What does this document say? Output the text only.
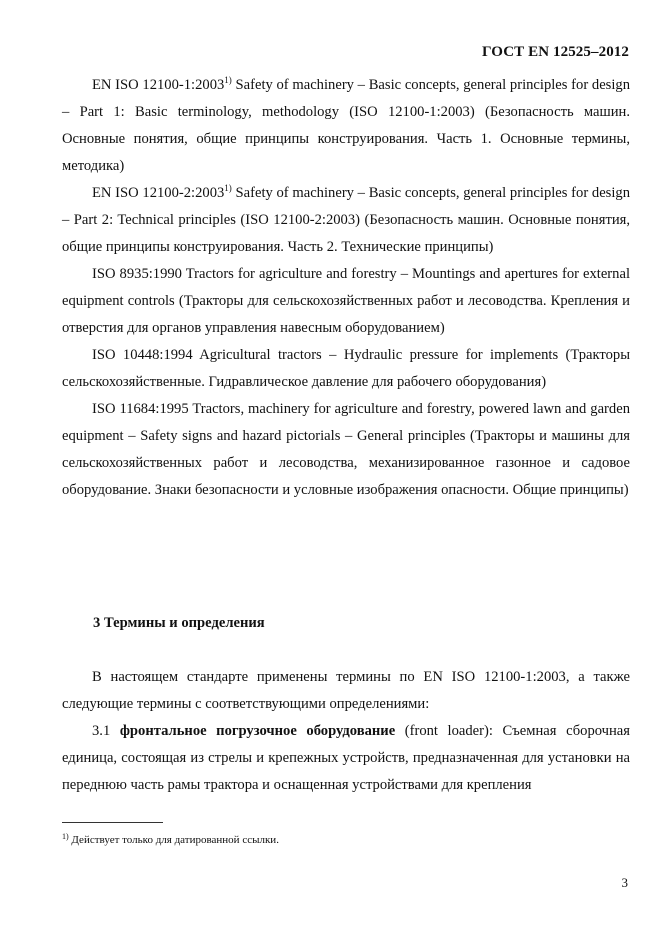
ГОСТ EN 12525–2012

EN ISO 12100-1:2003$^{1)}$ Safety of machinery – Basic concepts, general principles for design – Part 1: Basic terminology, methodology (ISO 12100-1:2003) (Безопасность машин. Основные понятия, общие принципы конструирования. Часть 1. Основные термины, методика)

EN ISO 12100-2:2003$^{1)}$ Safety of machinery – Basic concepts, general principles for design – Part 2: Technical principles (ISO 12100-2:2003) (Безопасность машин. Основные понятия, общие принципы конструирования. Часть 2. Технические принципы)

ISO 8935:1990 Tractors for agriculture and forestry – Mountings and apertures for external equipment controls (Тракторы для сельскохозяйственных работ и лесоводства. Крепления и отверстия для органов управления навесным оборудованием)

ISO 10448:1994 Agricultural tractors – Hydraulic pressure for implements (Тракторы сельскохозяйственные. Гидравлическое давление для рабочего оборудования)

ISO 11684:1995 Tractors, machinery for agriculture and forestry, powered lawn and garden equipment – Safety signs and hazard pictorials – General principles (Тракторы и машины для сельскохозяйственных работ и лесоводства, механизированное газонное и садовое оборудование. Знаки безопасности и условные изображения опасности. Общие принципы)

3 Термины и определения

В настоящем стандарте применены термины по EN ISO 12100-1:2003, а также следующие термины с соответствующими определениями:

3.1 фронтальное погрузочное оборудование (front loader): Съемная сборочная единица, состоящая из стрелы и крепежных устройств, предназначенная для установки на переднюю часть рамы трактора и оснащенная устройствами для крепления

$^{1)}$ Действует только для датированной ссылки.
3
